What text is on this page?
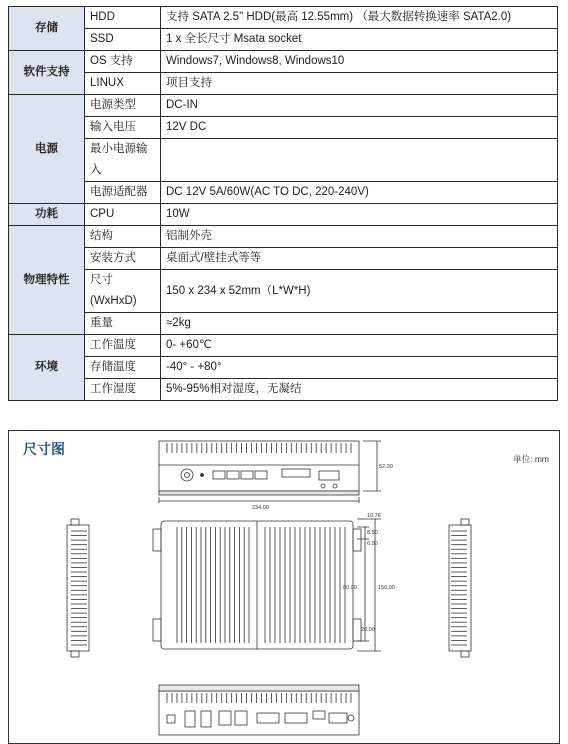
存储	HDD	支持 SATA 2.5" HDD(最高 12.55mm) （最大数据转换速率 SATA2.0)
	SSD	1 x 全长尺寸 Msata socket
软件支持	OS 支持	Windows7, Windows8, Windows10
	LINUX	项目支持
电源	电源类型	DC-IN
	输入电压	12V DC
	最小电源输入	
	电源适配器	DC 12V 5A/60W(AC TO DC, 220-240V)
功耗	CPU	10W
物理特性	结构	铝制外壳
	安装方式	桌面式/壁挂式等等
	尺寸 (WxHxD)	150 x 234 x 52mm（L*W*H)
	重量	≈2kg
环境	工作温度	0- +60℃
	存储温度	-40° - +80°
	工作湿度	5%-95%相对湿度，无凝结
尺寸图
单位: mm
234.00
52.00
10.76
8.50
6.00
80.00	150.00
20.00
